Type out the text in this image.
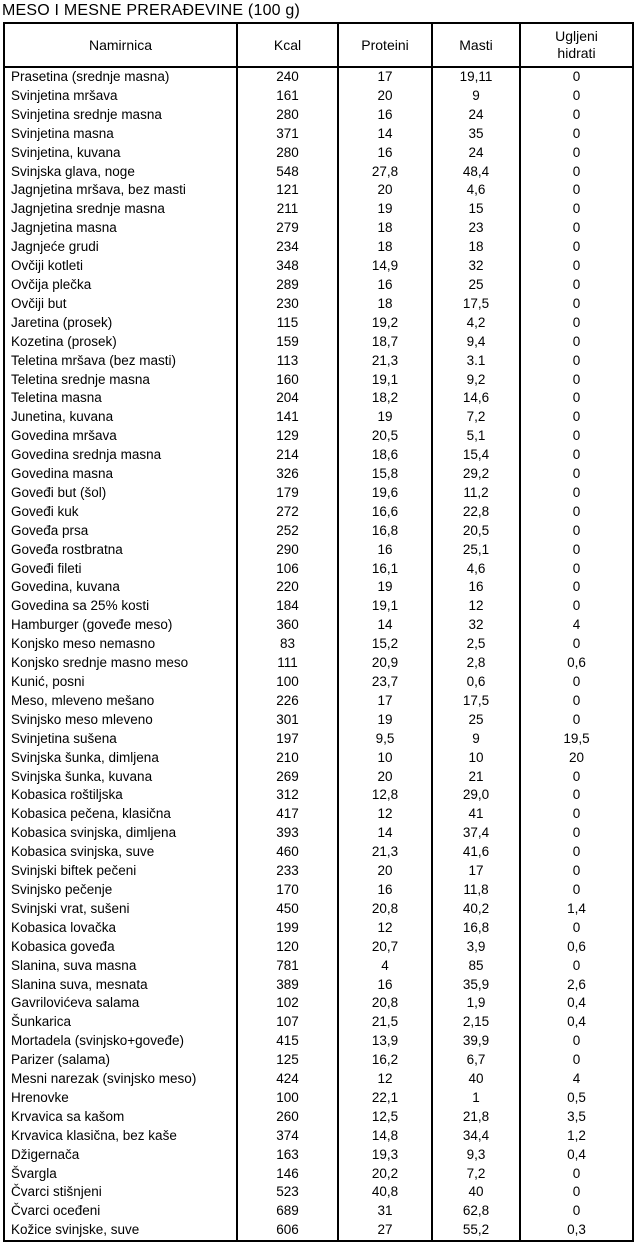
MESO I MESNE PRERAĐEVINE (100 g)
Namirnica	Kcal	Proteini	Masti	Ugljeni hidrati

Prasetina (srednje masna)	240	17	19,11	0
Svinjetina mršava	161	20	9	0
Svinjetina srednje masna	280	16	24	0
Svinjetina masna	371	14	35	0
Svinjetina, kuvana	280	16	24	0
Svinjska glava, noge	548	27,8	48,4	0
Jagnjetina mršava, bez masti	121	20	4,6	0
Jagnjetina srednje masna	211	19	15	0
Jagnjetina masna	279	18	23	0
Jagnjeće grudi	234	18	18	0
Ovčiji kotleti	348	14,9	32	0
Ovčija plečka	289	16	25	0
Ovčiji but	230	18	17,5	0
Jaretina (prosek)	115	19,2	4,2	0
Kozetina (prosek)	159	18,7	9,4	0
Teletina mršava (bez masti)	113	21,3	3.1	0
Teletina srednje masna	160	19,1	9,2	0
Teletina masna	204	18,2	14,6	0
Junetina, kuvana	141	19	7,2	0
Govedina mršava	129	20,5	5,1	0
Govedina srednja masna	214	18,6	15,4	0
Govedina masna	326	15,8	29,2	0
Goveđi but (šol)	179	19,6	11,2	0
Goveđi kuk	272	16,6	22,8	0
Goveđa prsa	252	16,8	20,5	0
Goveđa rostbratna	290	16	25,1	0
Goveđi fileti	106	16,1	4,6	0
Govedina, kuvana	220	19	16	0
Govedina sa 25% kosti	184	19,1	12	0
Hamburger (goveđe meso)	360	14	32	4
Konjsko meso nemasno	83	15,2	2,5	0
Konjsko srednje masno meso	111	20,9	2,8	0,6
Kunić, posni	100	23,7	0,6	0
Meso, mleveno mešano	226	17	17,5	0
Svinjsko meso mleveno	301	19	25	0
Svinjetina sušena	197	9,5	9	19,5
Svinjska šunka, dimljena	210	10	10	20
Svinjska šunka, kuvana	269	20	21	0
Kobasica roštiljska	312	12,8	29,0	0
Kobasica pečena, klasična	417	12	41	0
Kobasica svinjska, dimljena	393	14	37,4	0
Kobasica svinjska, suve	460	21,3	41,6	0
Svinjski biftek pečeni	233	20	17	0
Svinjsko pečenje	170	16	11,8	0
Svinjski vrat, sušeni	450	20,8	40,2	1,4
Kobasica lovačka	199	12	16,8	0
Kobasica goveđa	120	20,7	3,9	0,6
Slanina, suva masna	781	4	85	0
Slanina suva, mesnata	389	16	35,9	2,6
Gavrilovićeva salama	102	20,8	1,9	0,4
Šunkarica	107	21,5	2,15	0,4
Mortadela (svinjsko+goveđe)	415	13,9	39,9	0
Parizer (salama)	125	16,2	6,7	0
Mesni narezak (svinjsko meso)	424	12	40	4
Hrenovke	100	22,1	1	0,5
Krvavica sa kašom	260	12,5	21,8	3,5
Krvavica klasična, bez kaše	374	14,8	34,4	1,2
Džigernača	163	19,3	9,3	0,4
Švargla	146	20,2	7,2	0
Čvarci stišnjeni	523	40,8	40	0
Čvarci oceđeni	689	31	62,8	0
Kožice svinjske, suve	606	27	55,2	0,3
